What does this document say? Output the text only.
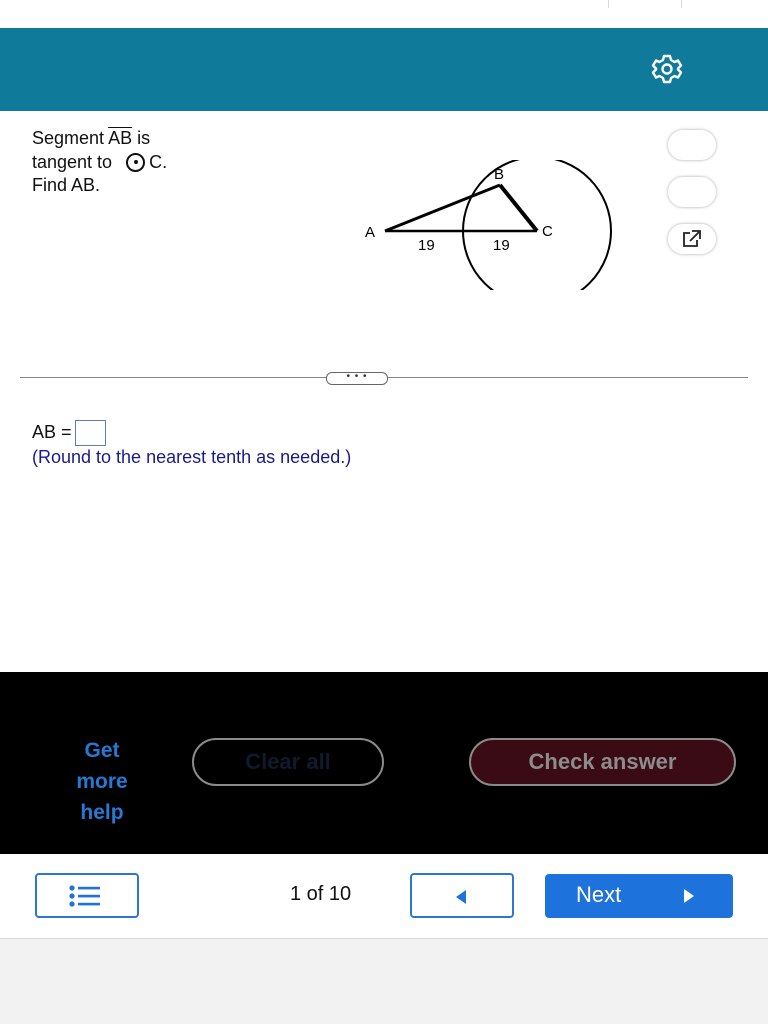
Segment $\overline{AB}$ is
tangent to C.
Find AB.
A
B
C
19	19
• • •
AB =
(Round to the nearest tenth as needed.)
Get
more
help
Clear all	Check answer
1 of 10	Next
